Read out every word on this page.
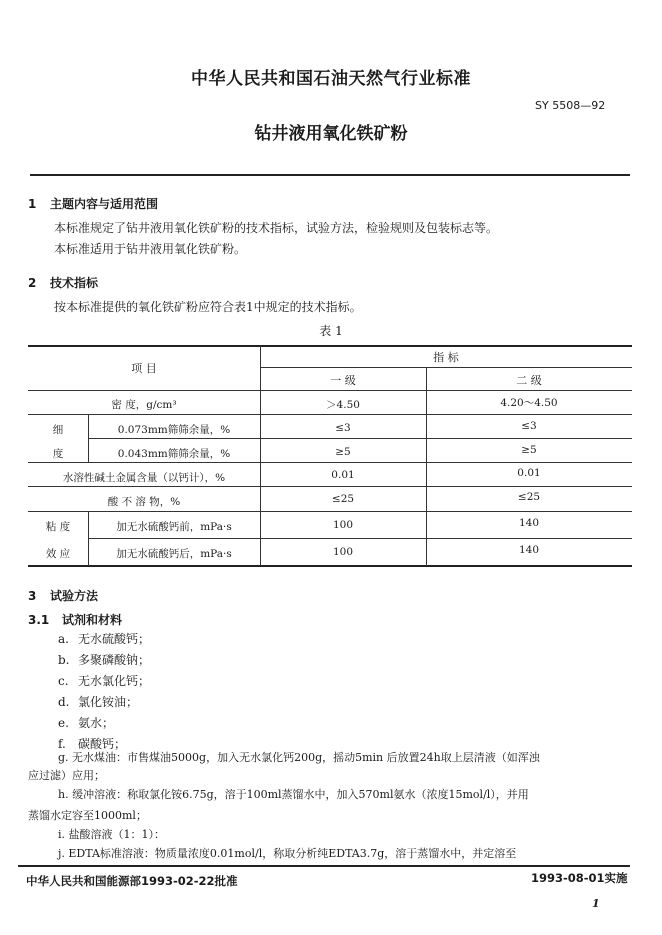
中华人民共和国石油天然气行业标准
SY 5508—92
钻井液用氧化铁矿粉
1 主题内容与适用范围
本标准规定了钻井液用氧化铁矿粉的技术指标，试验方法，检验规则及包装标志等。
本标准适用于钻井液用氧化铁矿粉。
2 技术指标
按本标准提供的氧化铁矿粉应符合表1中规定的技术指标。
表 1
项 目
指 标
一 级	二 级
密 度，g/cm³	＞4.50	4.20～4.50
细	0.073mm筛筛余量，%	≤3	≤3
度	0.043mm筛筛余量，%	≥5	≥5
水溶性碱土金属含量（以钙计），%	0.01	0.01
酸 不 溶 物，%	≤25	≤25
粘 度	加无水硫酸钙前，mPa·s	100	140
效 应	加无水硫酸钙后，mPa·s	100	140
3 试验方法
3.1 试剂和材料
a. 无水硫酸钙；
b. 多聚磷酸钠；
c. 无水氯化钙；
d. 氯化铵油；
e. 氨水；
f. 碳酸钙；
g. 无水煤油：市售煤油5000g，加入无水氯化钙200g，摇动5min 后放置24h取上层清液（如浑浊
应过滤）应用；
h. 缓冲溶液：称取氯化铵6.75g，溶于100ml蒸馏水中，加入570ml氨水（浓度15mol/l），并用
蒸馏水定容至1000ml；
i. 盐酸溶液（1：1）：
j. EDTA标准溶液：物质量浓度0.01mol/l，称取分析纯EDTA3.7g，溶于蒸馏水中，并定溶至
中华人民共和国能源部1993-02-22批准	1993-08-01实施
1
